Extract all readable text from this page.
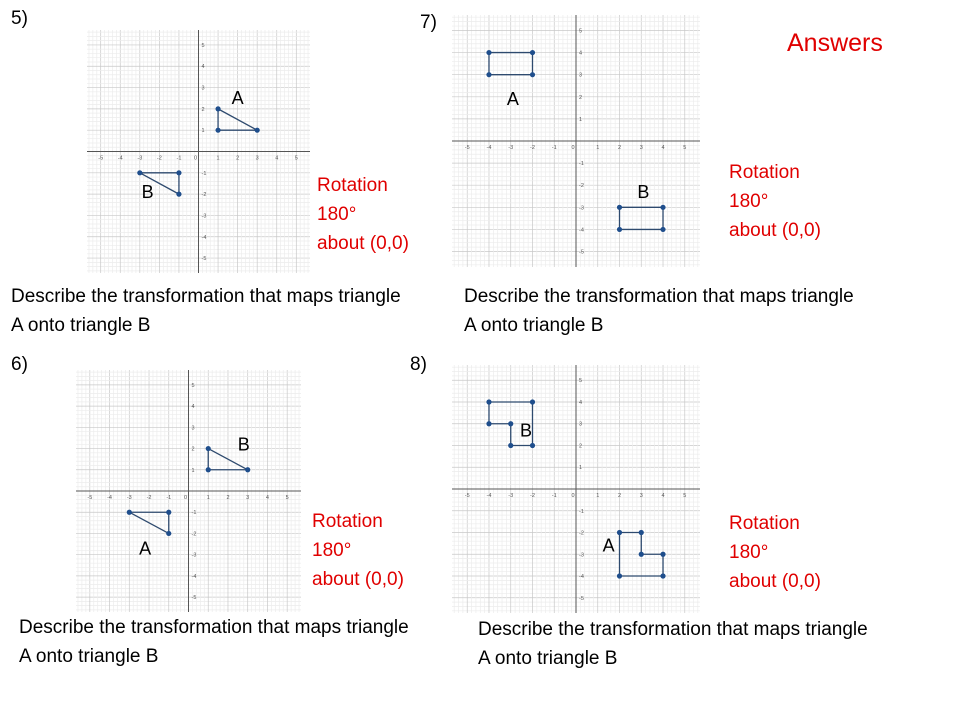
5)	7)
6)	8)
Answers
-5	-4	-3	-2	-1 0	1	2	3	4	5
5
4
3
2
1
-1
-2
-3
-4
-5
A
B
-5	-4	-3	-2	-1	0	1	2	3	4	5
5
4
3
2
1
-1
-2
-3
-4
-5
A
B
-5	-4	-3	-2	-1 0	1	2	3	4	5
5
4
3
2
1
-1
-2
-3
-4
-5
B
A
-5	-4	-3	-2	-1	0	1	2	3	4	5
5
4
3
2
1
-1
-2
-3
-4
-5
B
A
Rotation
180°
about (0,0)
Rotation
180°
about (0,0)
Rotation
180°
about (0,0)
Rotation
180°
about (0,0)
Describe the transformation that maps triangle A onto triangle B
Describe the transformation that maps triangle A onto triangle B
Describe the transformation that maps triangle A onto triangle B
Describe the transformation that maps triangle A onto triangle B
